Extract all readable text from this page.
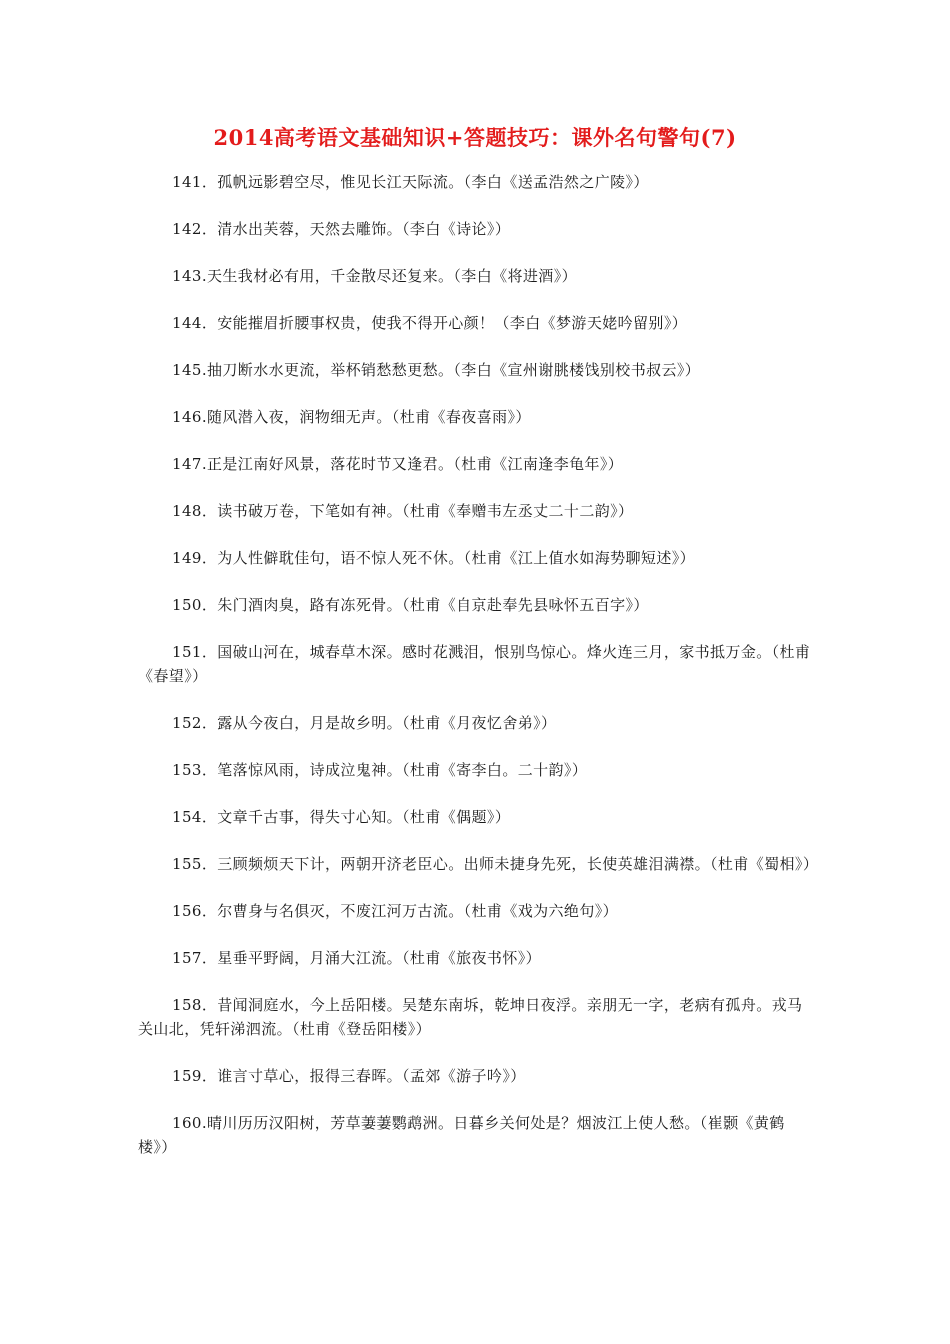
2014高考语文基础知识+答题技巧：课外名句警句(7)

141．孤帆远影碧空尽，惟见长江天际流。（李白《送孟浩然之广陵》）

142．清水出芙蓉，天然去雕饰。（李白《诗论》）

143.天生我材必有用，千金散尽还复来。（李白《将进酒》）

144．安能摧眉折腰事权贵，使我不得开心颜！（李白《梦游天姥吟留别》）

145.抽刀断水水更流，举杯销愁愁更愁。（李白《宣州谢朓楼饯别校书叔云》）

146.随风潜入夜，润物细无声。（杜甫《春夜喜雨》）

147.正是江南好风景，落花时节又逢君。（杜甫《江南逢李龟年》）

148．读书破万卷，下笔如有神。（杜甫《奉赠韦左丞丈二十二韵》）

149．为人性僻耽佳句，语不惊人死不休。（杜甫《江上值水如海势聊短述》）

150．朱门酒肉臭，路有冻死骨。（杜甫《自京赴奉先县咏怀五百字》）

151．国破山河在，城春草木深。感时花溅泪，恨别鸟惊心。烽火连三月，家书抵万金。（杜甫《春望》）

152．露从今夜白，月是故乡明。（杜甫《月夜忆舍弟》）

153．笔落惊风雨，诗成泣鬼神。（杜甫《寄李白。二十韵》）

154．文章千古事，得失寸心知。（杜甫《偶题》）

155．三顾频烦天下计，两朝开济老臣心。出师未捷身先死，长使英雄泪满襟。（杜甫《蜀相》）

156．尔曹身与名俱灭，不废江河万古流。（杜甫《戏为六绝句》）

157．星垂平野阔，月涌大江流。（杜甫《旅夜书怀》）

158．昔闻洞庭水，今上岳阳楼。吴楚东南坼，乾坤日夜浮。亲朋无一字，老病有孤舟。戎马关山北，凭轩涕泗流。（杜甫《登岳阳楼》）

159．谁言寸草心，报得三春晖。（孟郊《游子吟》）

160.晴川历历汉阳树，芳草萋萋鹦鹉洲。日暮乡关何处是？烟波江上使人愁。（崔颢《黄鹤楼》）
